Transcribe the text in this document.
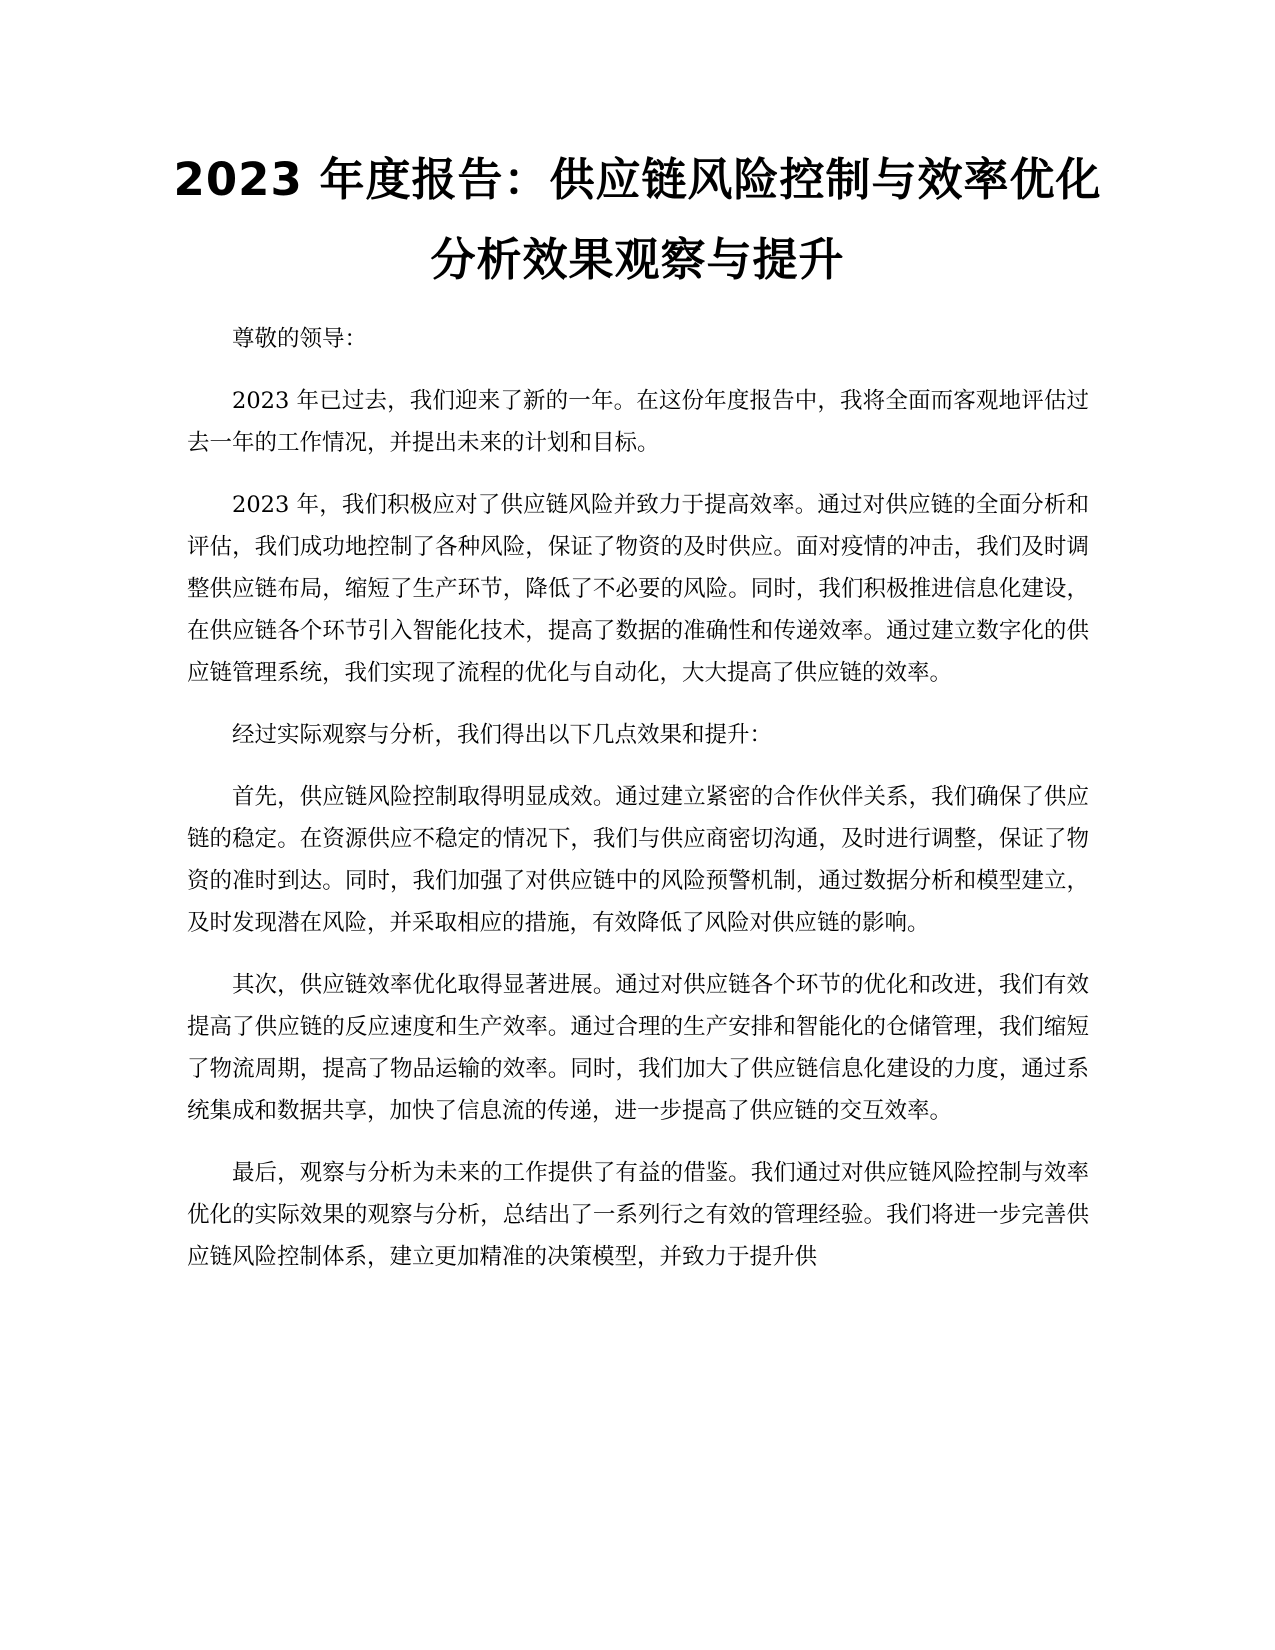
2023 年度报告：供应链风险控制与效率优化
分析效果观察与提升

尊敬的领导：

2023 年已过去，我们迎来了新的一年。在这份年度报告中，我将全面而客观地评估过去一年的工作情况，并提出未来的计划和目标。

2023 年，我们积极应对了供应链风险并致力于提高效率。通过对供应链的全面分析和评估，我们成功地控制了各种风险，保证了物资的及时供应。面对疫情的冲击，我们及时调整供应链布局，缩短了生产环节，降低了不必要的风险。同时，我们积极推进信息化建设，在供应链各个环节引入智能化技术，提高了数据的准确性和传递效率。通过建立数字化的供应链管理系统，我们实现了流程的优化与自动化，大大提高了供应链的效率。

经过实际观察与分析，我们得出以下几点效果和提升：

首先，供应链风险控制取得明显成效。通过建立紧密的合作伙伴关系，我们确保了供应链的稳定。在资源供应不稳定的情况下，我们与供应商密切沟通，及时进行调整，保证了物资的准时到达。同时，我们加强了对供应链中的风险预警机制，通过数据分析和模型建立，及时发现潜在风险，并采取相应的措施，有效降低了风险对供应链的影响。

其次，供应链效率优化取得显著进展。通过对供应链各个环节的优化和改进，我们有效提高了供应链的反应速度和生产效率。通过合理的生产安排和智能化的仓储管理，我们缩短了物流周期，提高了物品运输的效率。同时，我们加大了供应链信息化建设的力度，通过系统集成和数据共享，加快了信息流的传递，进一步提高了供应链的交互效率。

最后，观察与分析为未来的工作提供了有益的借鉴。我们通过对供应链风险控制与效率优化的实际效果的观察与分析，总结出了一系列行之有效的管理经验。我们将进一步完善供应链风险控制体系，建立更加精准的决策模型，并致力于提升供
